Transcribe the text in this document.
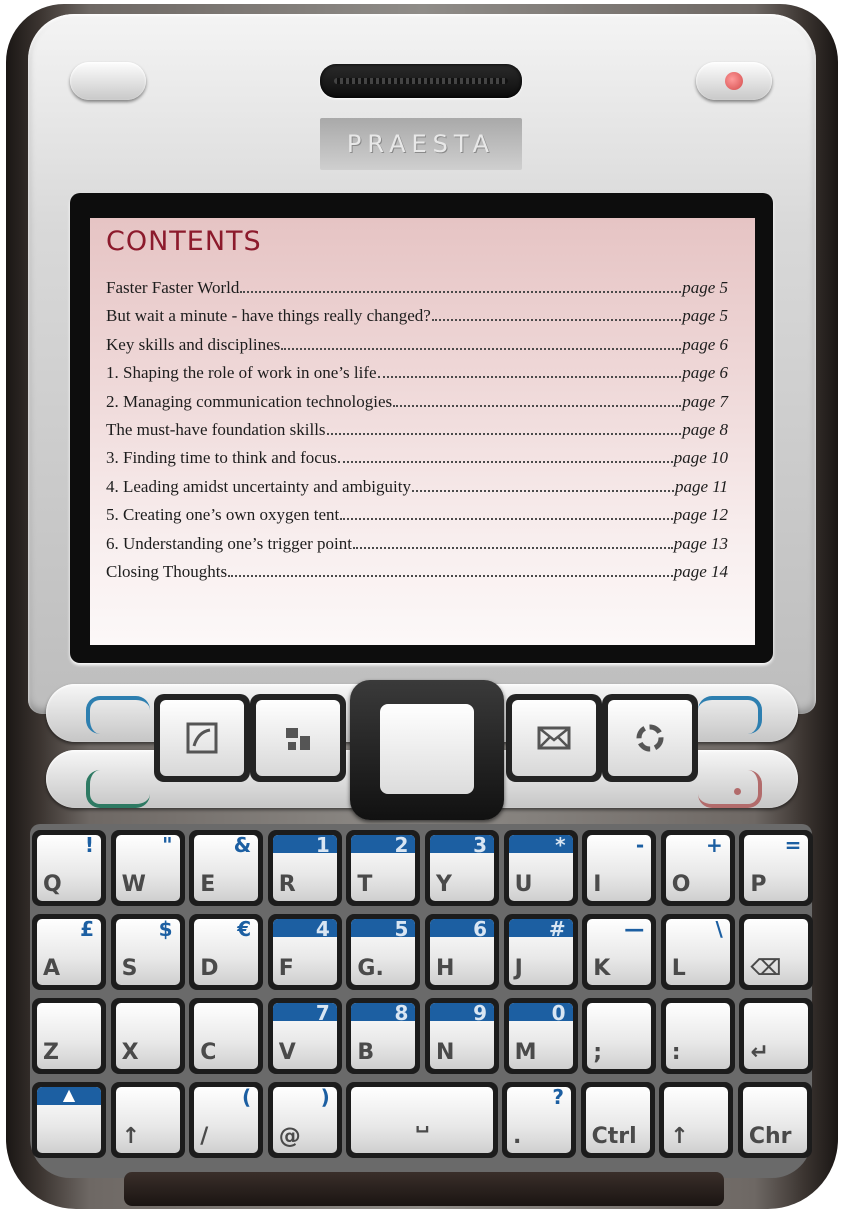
PRAESTA
CONTENTS
Faster Faster World	page 5
But wait a minute - have things really changed?	page 5
Key skills and disciplines	page 6
1. Shaping the role of work in one’s life	page 6
2. Managing communication technologies	page 7
The must-have foundation skills	page 8
3. Finding time to think and focus	page 10
4. Leading amidst uncertainty and ambiguity	page 11
5. Creating one’s own oxygen tent	page 12
6. Understanding one’s trigger point	page 13
Closing Thoughts	page 14
!
Q
"
W
&
E
1
R
2
T
3
Y
*
U
-
I
+
O
=
P
£
A
$
S
€
D
4
F
5
G.
6
H
#
J
—
K
\
L	⌫
Z	X	C
7
V
8
B
9
N
0
M	;	:	↵
▲
↑
(
/
)
@
␣
?
.	Ctrl ↑	Chr
